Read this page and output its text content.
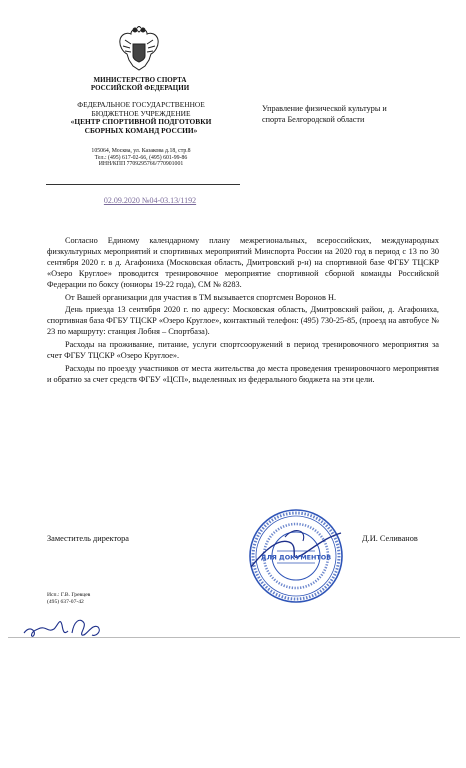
МИНИСТЕРСТВО СПОРТА
РОССИЙСКОЙ ФЕДЕРАЦИИ
ФЕДЕРАЛЬНОЕ ГОСУДАРСТВЕННОЕ
БЮДЖЕТНОЕ УЧРЕЖДЕНИЕ
«ЦЕНТР СПОРТИВНОЙ ПОДГОТОВКИ
СБОРНЫХ КОМАНД РОССИИ»
105064, Москва, ул. Казакова д.18, стр.8
Тел.: (495) 617-02-66, (495) 601-99-86
ИНН/КПП 7709295766/770901001
02.09.2020 №04-03.13/1192
Управление физической культуры и
спорта Белгородской области

Согласно Единому календарному плану межрегиональных, всероссийских, международных физкультурных мероприятий и спортивных мероприятий Минспорта России на 2020 год в период с 13 по 30 сентября 2020 г. в д. Агафониха (Московская область, Дмитровский р-н) на спортивной базе ФГБУ ТЦСКР «Озеро Круглое» проводится тренировочное мероприятие спортивной сборной команды Российской Федерации по боксу (юниоры 19-22 года), СМ № 8283.

От Вашей организации для участия в ТМ вызывается спортсмен Воронов Н.

День приезда 13 сентября 2020 г. по адресу: Московская область, Дмитровский район, д. Агафониха, спортивная база ФГБУ ТЦСКР «Озеро Круглое», контактный телефон: (495) 730-25-85, (проезд на автобусе № 23 по маршруту: станция Лобня – Спортбаза).

Расходы на проживание, питание, услуги спортсооружений в период тренировочного мероприятия за счет ФГБУ ТЦСКР «Озеро Круглое».

Расходы по проезду участников от места жительства до места проведения тренировочного мероприятия и обратно за счет средств ФГБУ «ЦСП», выделенных из федерального бюджета на эти цели.

Заместитель директора	Д.И. Селиванов
ДЛЯ ДОКУМЕНТОВ
Исп.: Г.В. Гревцев
(495) 637-07-42
